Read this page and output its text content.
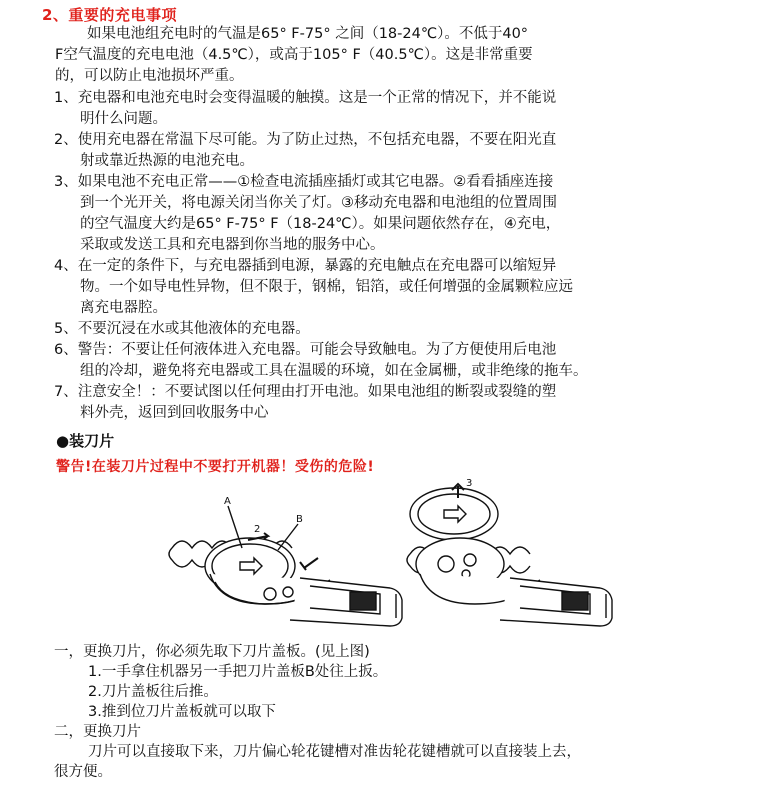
2、重要的充电事项
如果电池组充电时的气温是65° F-75° 之间（18-24℃）。不低于40°
F空气温度的充电电池（4.5℃），或高于105° F（40.5℃）。这是非常重要
的，可以防止电池损坏严重。
1、充电器和电池充电时会变得温暖的触摸。这是一个正常的情况下，并不能说
明什么问题。
2、使用充电器在常温下尽可能。为了防止过热，不包括充电器，不要在阳光直
射或靠近热源的电池充电。
3、如果电池不充电正常——①检查电流插座插灯或其它电器。②看看插座连接
到一个光开关，将电源关闭当你关了灯。③移动充电器和电池组的位置周围
的空气温度大约是65° F-75° F（18-24℃）。如果问题依然存在，④充电，
采取或发送工具和充电器到你当地的服务中心。
4、在一定的条件下，与充电器插到电源，暴露的充电触点在充电器可以缩短异
物。一个如导电性异物，但不限于，钢棉，铝箔，或任何增强的金属颗粒应远
离充电器腔。
5、不要沉浸在水或其他液体的充电器。
6、警告：不要让任何液体进入充电器。可能会导致触电。为了方便使用后电池
组的冷却，避免将充电器或工具在温暖的环境，如在金属栅，或非绝缘的拖车。
7、注意安全！：不要试图以任何理由打开电池。如果电池组的断裂或裂缝的塑
料外壳，返回到回收服务中心
●装刀片
警告!在装刀片过程中不要打开机器！受伤的危险!
A
B
2
3
一，更换刀片，你必须先取下刀片盖板。(见上图)
1.一手拿住机器另一手把刀片盖板B处往上扳。
2.刀片盖板往后推。
3.推到位刀片盖板就可以取下
二，更换刀片
刀片可以直接取下来，刀片偏心轮花键槽对准齿轮花键槽就可以直接装上去，
很方便。
